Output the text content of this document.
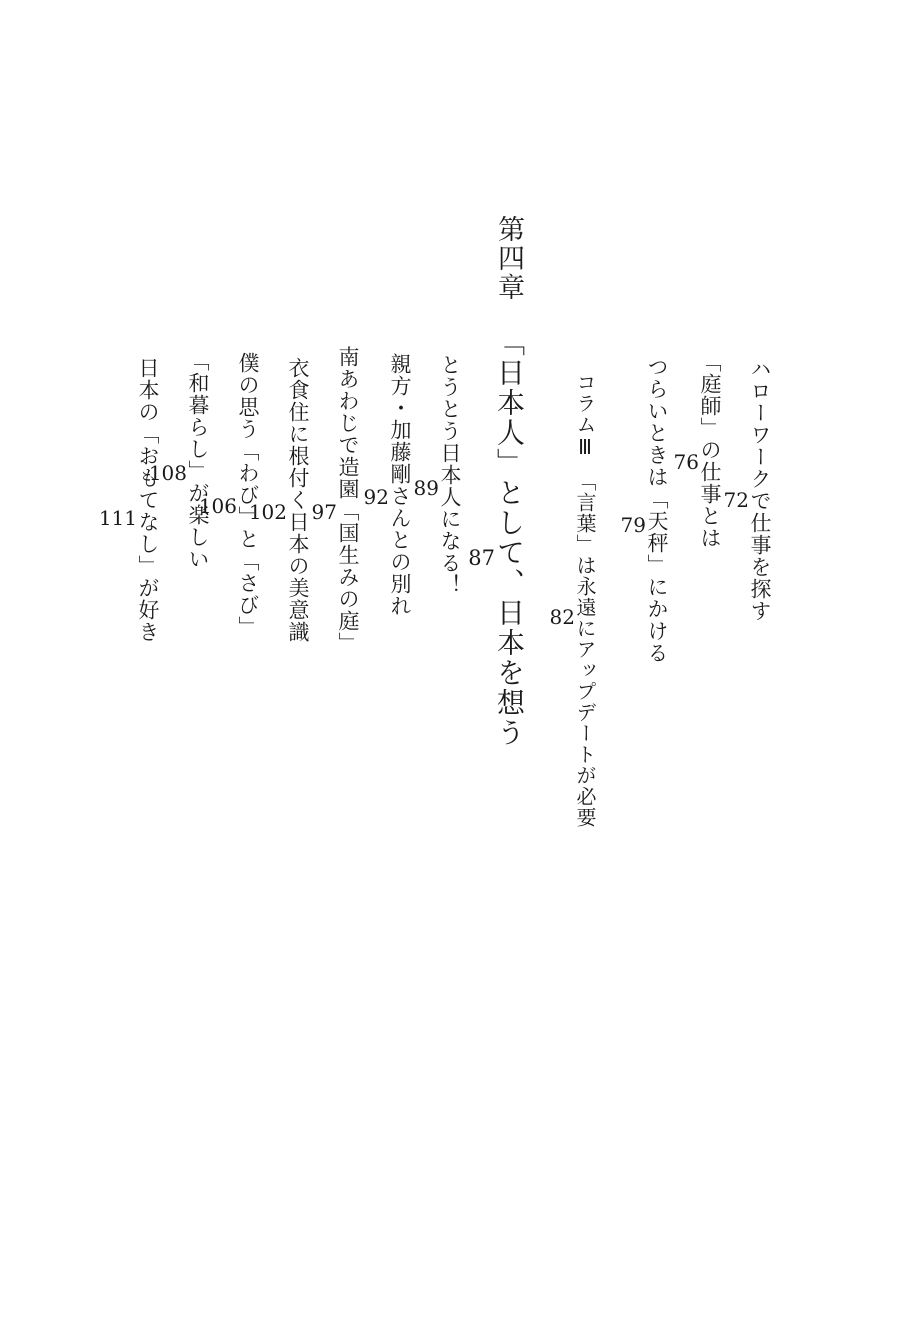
ハローワークで仕事を探す
72
「庭師」の仕事とは
76
つらいときは「天秤」にかける
79
コラムⅢ　「言葉」は永遠にアップデートが必要
82
第四章
「日本人」として、日本を想う
87
とうとう日本人になる！
89
親方・加藤剛さんとの別れ
92
南あわじで造園「国生みの庭」
97
衣食住に根付く日本の美意識
102
僕の思う「わび」と「さび」
106
「和暮らし」が楽しい
108
日本の「おもてなし」が好き
111
